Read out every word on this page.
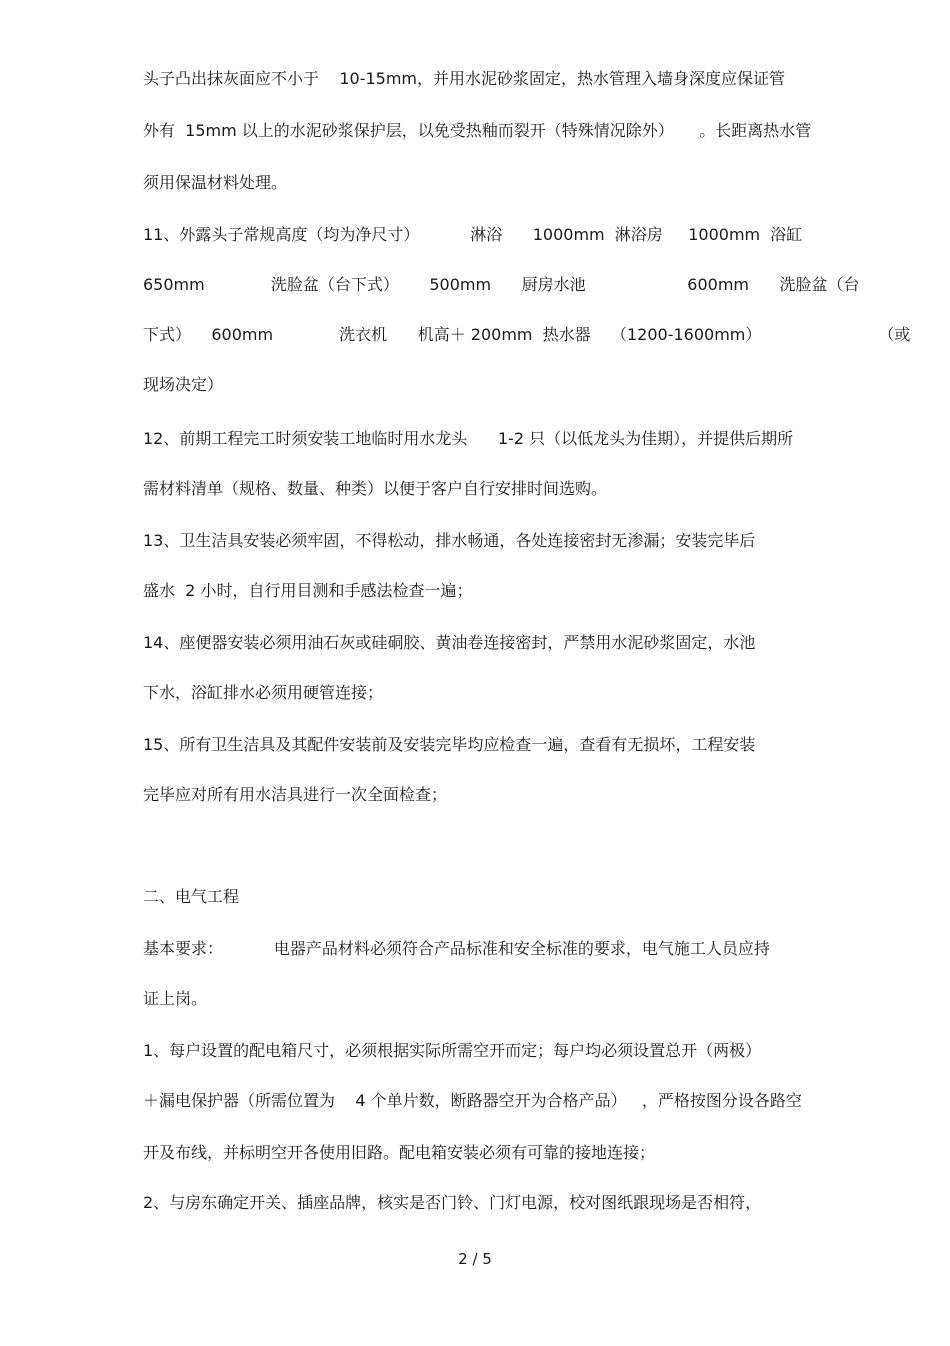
头子凸出抹灰面应不小于    10-15mm，并用水泥砂浆固定，热水管理入墙身深度应保证管
外有  15mm 以上的水泥砂浆保护层，以免受热釉而裂开（特殊情况除外）     。长距离热水管
须用保温材料处理。
11、外露头子常规高度（均为净尺寸）          淋浴      1000mm  淋浴房     1000mm  浴缸
650mm             洗脸盆（台下式）      500mm      厨房水池                    600mm      洗脸盆（台
下式）    600mm             洗衣机      机高＋ 200mm  热水器    （1200-1600mm）                       （或
现场决定）
12、前期工程完工时须安装工地临时用水龙头      1-2 只（以低龙头为佳期），并提供后期所
需材料清单（规格、数量、种类）以便于客户自行安排时间选购。
13、卫生洁具安装必须牢固，不得松动，排水畅通，各处连接密封无渗漏；安装完毕后
盛水  2 小时，自行用目测和手感法检查一遍；
14、座便器安装必须用油石灰或硅硐胶、黄油卷连接密封，严禁用水泥砂浆固定，水池
下水，浴缸排水必须用硬管连接；
15、所有卫生洁具及其配件安装前及安装完毕均应检查一遍，查看有无损坏，工程安装
完毕应对所有用水洁具进行一次全面检查；
二、电气工程
基本要求：          电器产品材料必须符合产品标准和安全标准的要求，电气施工人员应持
证上岗。
1、每户设置的配电箱尺寸，必须根据实际所需空开而定；每户均必须设置总开（两极）
＋漏电保护器（所需位置为    4 个单片数，断路器空开为合格产品）   ，严格按图分设各路空
开及布线，并标明空开各使用旧路。配电箱安装必须有可靠的接地连接；
2、与房东确定开关、插座品牌，核实是否门铃、门灯电源，校对图纸跟现场是否相符，
2 / 5
